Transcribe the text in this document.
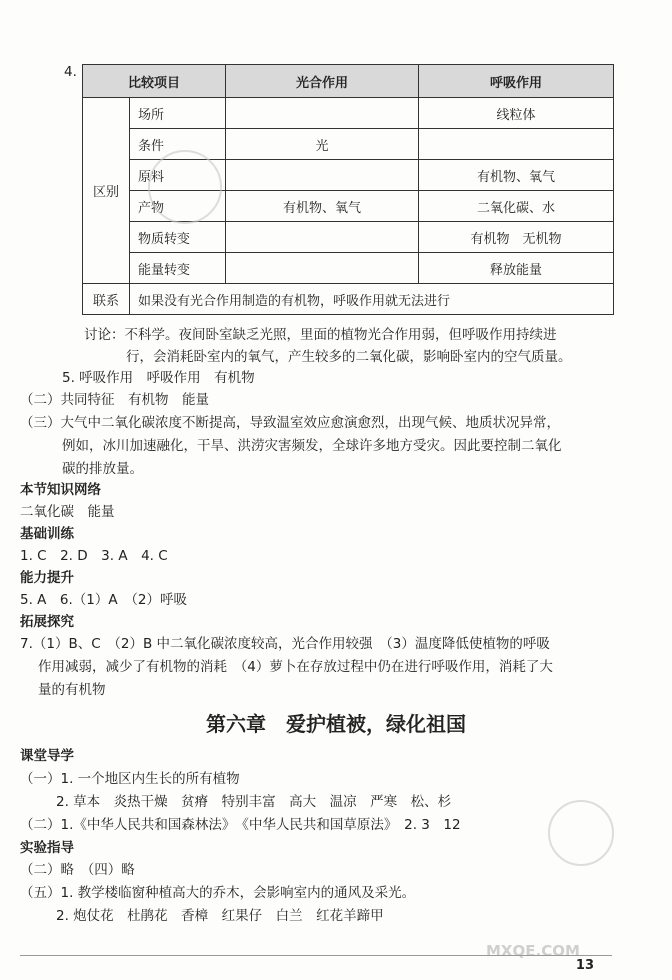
4.
比较项目		光合作用	呼吸作用
区别	场所		线粒体
	条件	光	
	原料		有机物、氧气
	产物	有机物、氧气	二氧化碳、水
	物质转变		有机物　无机物
	能量转变		释放能量
联系	如果没有光合作用制造的有机物，呼吸作用就无法进行		
讨论：不科学。夜间卧室缺乏光照，里面的植物光合作用弱，但呼吸作用持续进
行，会消耗卧室内的氧气，产生较多的二氧化碳，影响卧室内的空气质量。
5. 呼吸作用　呼吸作用　有机物
（二）共同特征　有机物　能量
（三）大气中二氧化碳浓度不断提高，导致温室效应愈演愈烈，出现气候、地质状况异常，
例如，冰川加速融化，干旱、洪涝灾害频发，全球许多地方受灾。因此要控制二氧化
碳的排放量。
本节知识网络
二氧化碳　能量
基础训练
1. C　2. D　3. A　4. C
能力提升
5. A　6.（1）A　（2）呼吸
拓展探究
7.（1）B、C　（2）B 中二氧化碳浓度较高，光合作用较强　（3）温度降低使植物的呼吸
作用减弱，减少了有机物的消耗　（4）萝卜在存放过程中仍在进行呼吸作用，消耗了大
量的有机物
第六章　爱护植被，绿化祖国
课堂导学
（一）1. 一个地区内生长的所有植物
2. 草本　炎热干燥　贫瘠　特别丰富　高大　温凉　严寒　松、杉
（二）1.《中华人民共和国森林法》　《中华人民共和国草原法》　2. 3　12
实验指导
（二）略　（四）略
（五）1. 教学楼临窗种植高大的乔木，会影响室内的通风及采光。
2. 炮仗花　杜鹃花　香樟　红果仔　白兰　红花羊蹄甲
MXQE.COM
13
